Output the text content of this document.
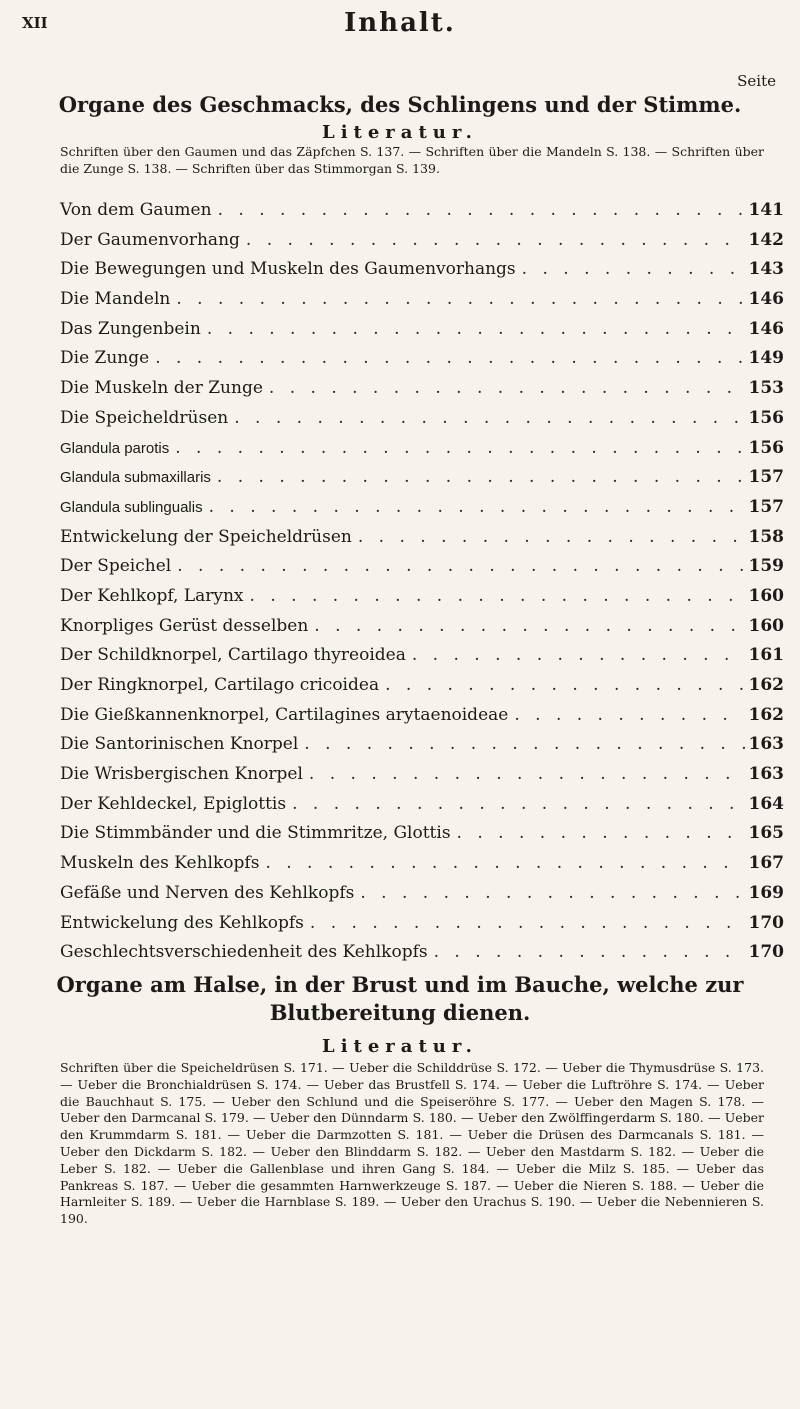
XII	Inhalt.
Seite
Organe des Geschmacks, des Schlingens und der Stimme.
Literatur.
Schriften über den Gaumen und das Zäpfchen S. 137. — Schriften über die Mandeln S. 138. — Schriften über die Zunge S. 138. — Schriften über das Stimmorgan S. 139.
Von dem Gaumen . . .	141
Der Gaumenvorhang . . .	142
Die Bewegungen und Muskeln des Gaumenvorhangs . . .	143
Die Mandeln . . .	146
Das Zungenbein . . .	146
Die Zunge . . .	149
Die Muskeln der Zunge . . .	153
Die Speicheldrüsen . . .	156
Glandula parotis . . .	156
Glandula submaxillaris . . .	157
Glandula sublingualis . . .	157
Entwickelung der Speicheldrüsen . . .	158
Der Speichel . . .	159
Der Kehlkopf, Larynx . . .	160
Knorpliges Gerüst desselben . . .	160
Der Schildknorpel, Cartilago thyreoidea . . .	161
Der Ringknorpel, Cartilago cricoidea . . .	162
Die Gießkannenknorpel, Cartilagines arytaenoideae . . .	162
Die Santorinischen Knorpel . . .	163
Die Wrisbergischen Knorpel . . .	163
Der Kehldeckel, Epiglottis . . .	164
Die Stimmbänder und die Stimmritze, Glottis . . .	165
Muskeln des Kehlkopfs . . .	167
Gefäße und Nerven des Kehlkopfs . . .	169
Entwickelung des Kehlkopfs . . .	170
Geschlechtsverschiedenheit des Kehlkopfs . . .	170
Organe am Halse, in der Brust und im Bauche, welche zur
Blutbereitung dienen.
Literatur.
Schriften über die Speicheldrüsen S. 171. — Ueber die Schilddrüse S. 172. — Ueber die Thymusdrüse S. 173. — Ueber die Bronchialdrüsen S. 174. — Ueber das Brustfell S. 174. — Ueber die Luftröhre S. 174. — Ueber die Bauchhaut S. 175. — Ueber den Schlund und die Speiseröhre S. 177. — Ueber den Magen S. 178. — Ueber den Darmcanal S. 179. — Ueber den Dünndarm S. 180. — Ueber den Zwölffingerdarm S. 180. — Ueber den Krummdarm S. 181. — Ueber die Darmzotten S. 181. — Ueber die Drüsen des Darmcanals S. 181. — Ueber den Dickdarm S. 182. — Ueber den Blinddarm S. 182. — Ueber den Mastdarm S. 182. — Ueber die Leber S. 182. — Ueber die Gallenblase und ihren Gang S. 184. — Ueber die Milz S. 185. — Ueber das Pankreas S. 187. — Ueber die gesammten Harnwerkzeuge S. 187. — Ueber die Nieren S. 188. — Ueber die Harnleiter S. 189. — Ueber die Harnblase S. 189. — Ueber den Urachus S. 190. — Ueber die Nebennieren S. 190.
